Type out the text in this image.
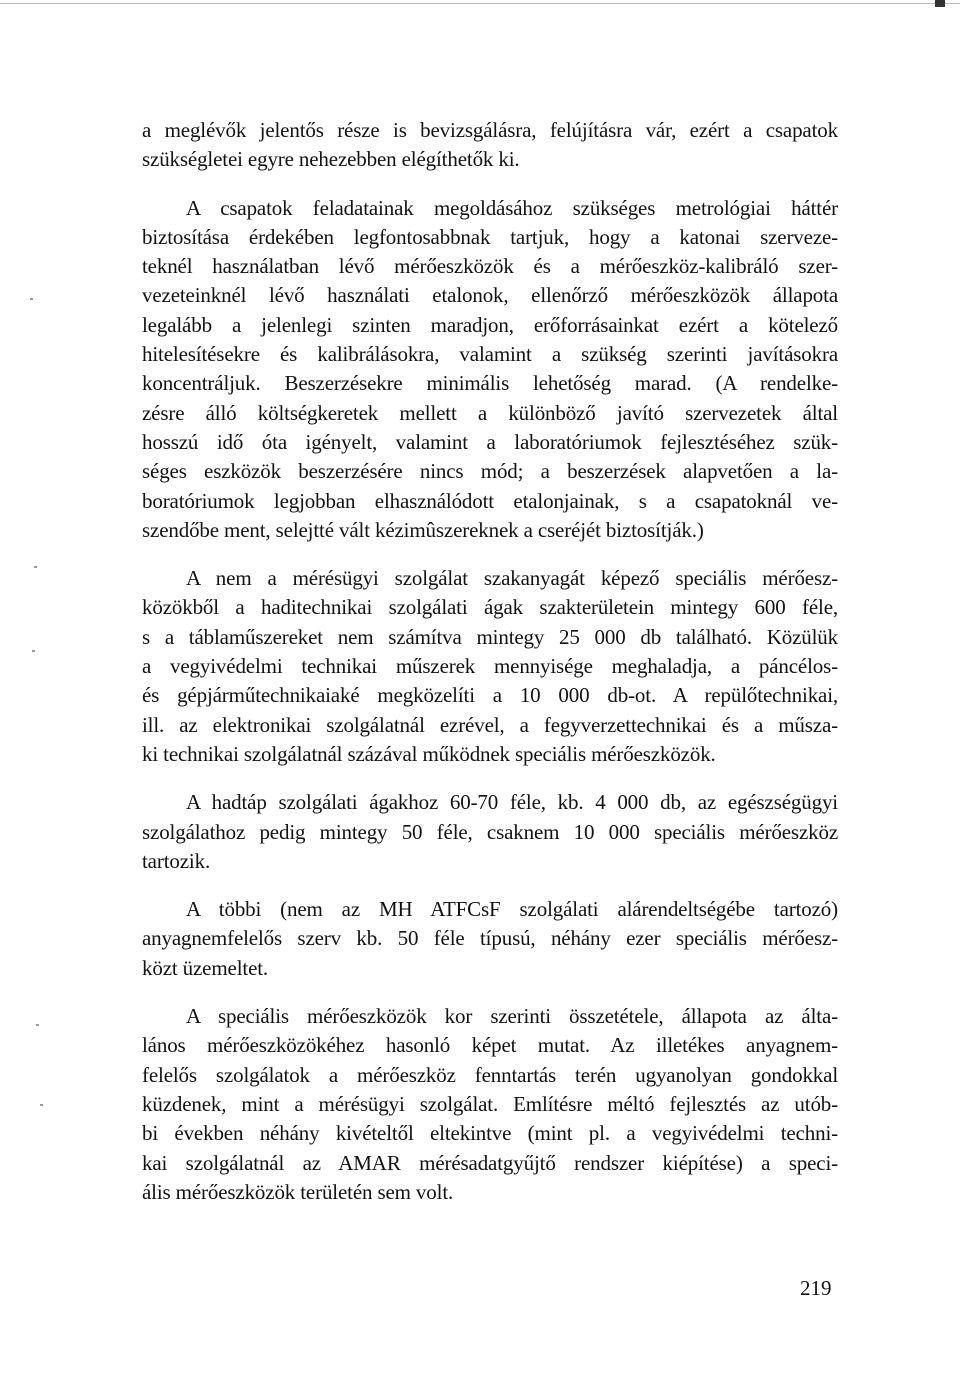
a meglévők jelentős része is bevizsgálásra, felújításra vár, ezért a csapatok
szükségletei egyre nehezebben elégíthetők ki.

A csapatok feladatainak megoldásához szükséges metrológiai háttér
biztosítása érdekében legfontosabbnak tartjuk, hogy a katonai szerveze-
teknél használatban lévő mérőeszközök és a mérőeszköz-kalibráló szer-
vezeteinknél lévő használati etalonok, ellenőrző mérőeszközök állapota
legalább a jelenlegi szinten maradjon, erőforrásainkat ezért a kötelező
hitelesítésekre és kalibrálásokra, valamint a szükség szerinti javításokra
koncentráljuk. Beszerzésekre minimális lehetőség marad. (A rendelke-
zésre álló költségkeretek mellett a különböző javító szervezetek által
hosszú idő óta igényelt, valamint a laboratóriumok fejlesztéséhez szük-
séges eszközök beszerzésére nincs mód; a beszerzések alapvetően a la-
boratóriumok legjobban elhasználódott etalonjainak, s a csapatoknál ve-
szendőbe ment, selejtté vált kézimûszereknek a cseréjét biztosítják.)

A nem a mérésügyi szolgálat szakanyagát képező speciális mérőesz-
közökből a haditechnikai szolgálati ágak szakterületein mintegy 600 féle,
s a táblaműszereket nem számítva mintegy 25 000 db található. Közülük
a vegyivédelmi technikai műszerek mennyisége meghaladja, a páncélos-
és gépjárműtechnikaiaké megközelíti a 10 000 db-ot. A repülőtechnikai,
ill. az elektronikai szolgálatnál ezrével, a fegyverzettechnikai és a műsza-
ki technikai szolgálatnál százával működnek speciális mérőeszközök.

A hadtáp szolgálati ágakhoz 60-70 féle, kb. 4 000 db, az egészségügyi
szolgálathoz pedig mintegy 50 féle, csaknem 10 000 speciális mérőeszköz
tartozik.

A többi (nem az MH ATFCsF szolgálati alárendeltségébe tartozó)
anyagnemfelelős szerv kb. 50 féle típusú, néhány ezer speciális mérőesz-
közt üzemeltet.

A speciális mérőeszközök kor szerinti összetétele, állapota az álta-
lános mérőeszközökéhez hasonló képet mutat. Az illetékes anyagnem-
felelős szolgálatok a mérőeszköz fenntartás terén ugyanolyan gondokkal
küzdenek, mint a mérésügyi szolgálat. Említésre méltó fejlesztés az utób-
bi években néhány kivételtől eltekintve (mint pl. a vegyivédelmi techni-
kai szolgálatnál az AMAR mérésadatgyűjtő rendszer kiépítése) a speci-
ális mérőeszközök területén sem volt.

219
